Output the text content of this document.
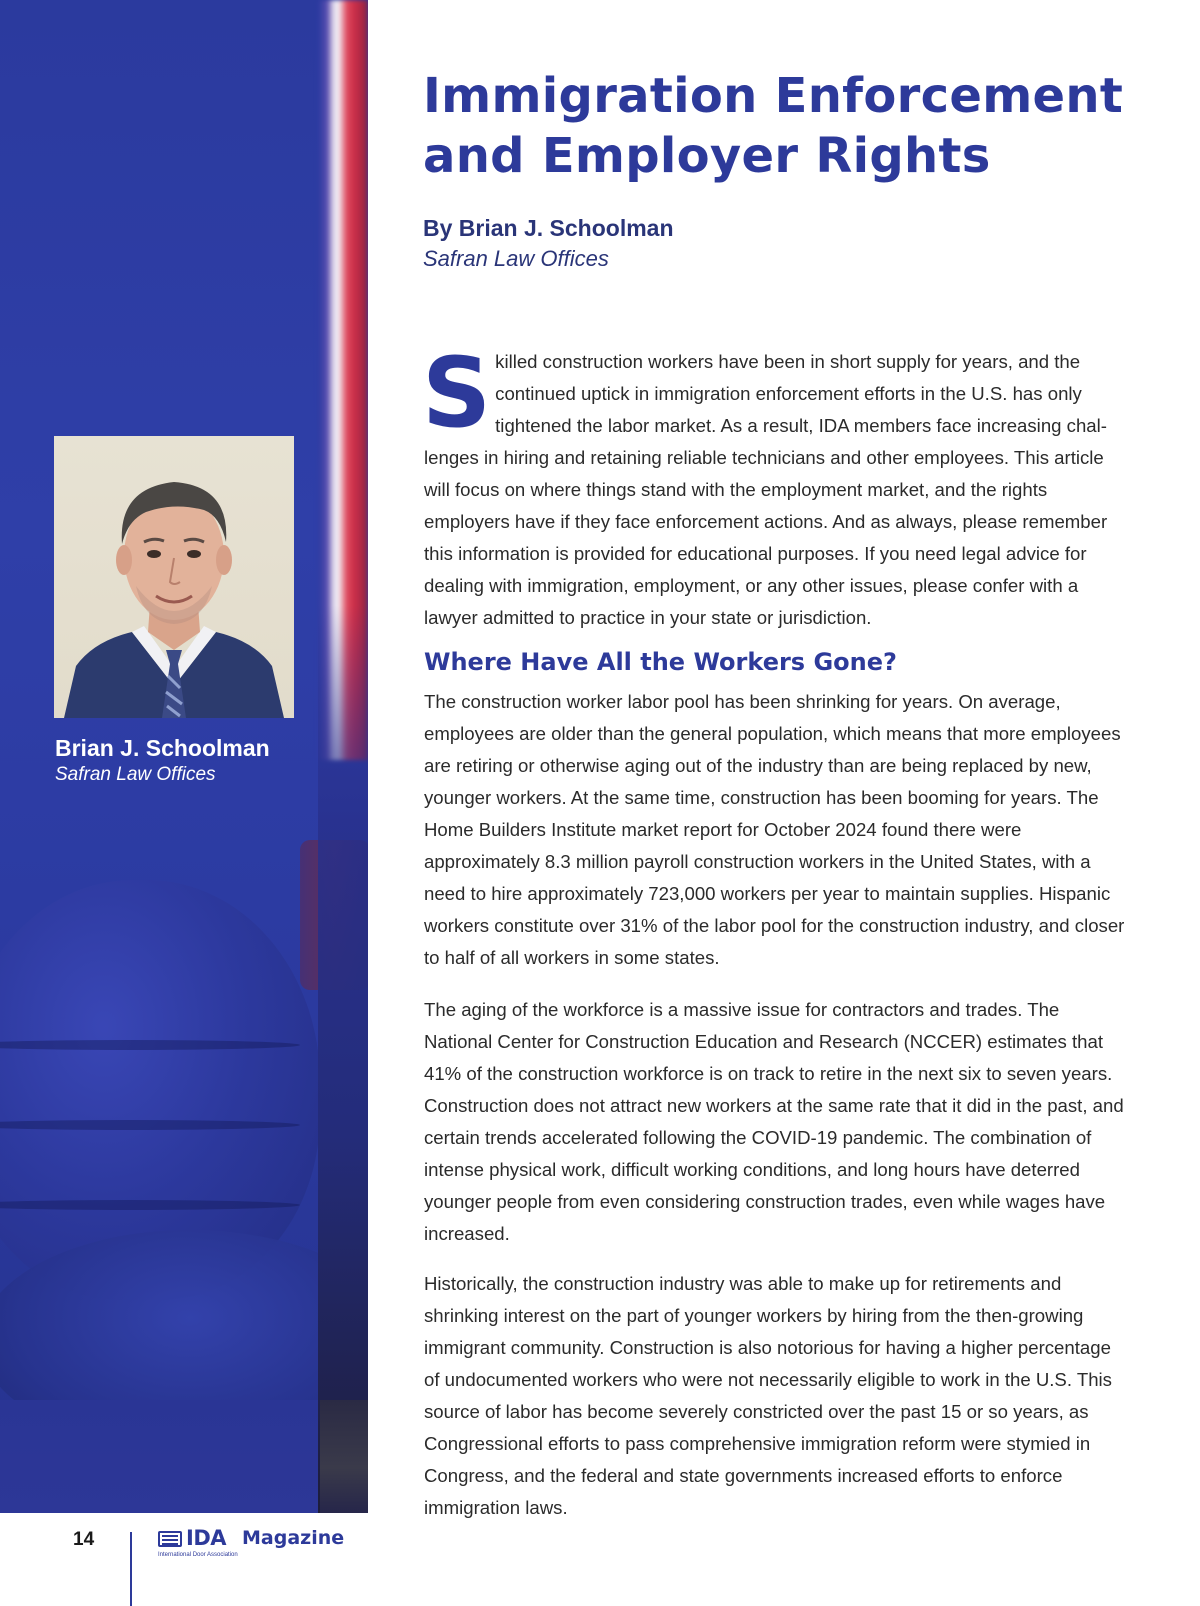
Brian J. Schoolman
Safran Law Offices
Immigration Enforcement and Employer Rights
By Brian J. Schoolman
Safran Law Offices
Skilled construction workers have been in short supply for years, and the continued uptick in immigration enforcement efforts in the U.S. has only tightened the labor market. As a result, IDA members face increasing challenges in hiring and retaining reliable technicians and other employees. This article will focus on where things stand with the employment market, and the rights employers have if they face enforcement actions. And as always, please remember this information is provided for educational purposes. If you need legal advice for dealing with immigration, employment, or any other issues, please confer with a lawyer admitted to practice in your state or jurisdiction.
Where Have All the Workers Gone?

The construction worker labor pool has been shrinking for years. On average, employees are older than the general population, which means that more employees are retiring or otherwise aging out of the industry than are being replaced by new, younger workers. At the same time, construction has been booming for years. The Home Builders Institute market report for October 2024 found there were approximately 8.3 million payroll construction workers in the United States, with a need to hire approximately 723,000 workers per year to maintain supplies. Hispanic workers constitute over 31% of the labor pool for the construction industry, and closer to half of all workers in some states.

The aging of the workforce is a massive issue for contractors and trades. The National Center for Construction Education and Research (NCCER) estimates that 41% of the construction workforce is on track to retire in the next six to seven years. Construction does not attract new workers at the same rate that it did in the past, and certain trends accelerated following the COVID-19 pandemic. The combination of intense physical work, difficult working conditions, and long hours have deterred younger people from even considering construction trades, even while wages have increased.

Historically, the construction industry was able to make up for retirements and shrinking interest on the part of younger workers by hiring from the then-growing immigrant community. Construction is also notorious for having a higher percentage of undocumented workers who were not necessarily eligible to work in the U.S. This source of labor has become severely constricted over the past 15 or so years, as Congressional efforts to pass comprehensive immigration reform were stymied in Congress, and the federal and state governments increased efforts to enforce immigration laws.

14	IDA Magazine
International Door Association
